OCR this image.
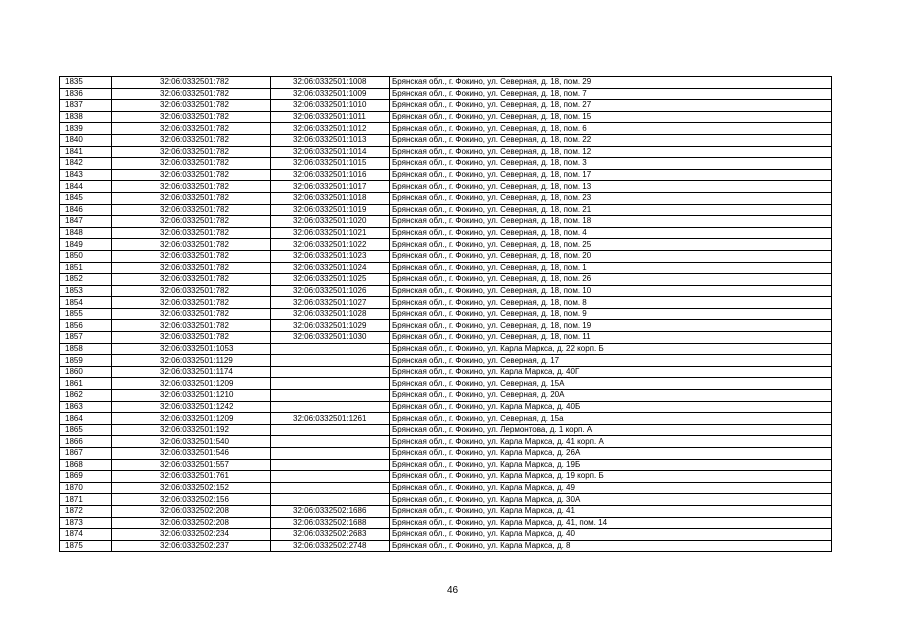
1835	32:06:0332501:782	32:06:0332501:1008	Брянская обл., г. Фокино, ул. Северная, д. 18, пом. 29
1836	32:06:0332501:782	32:06:0332501:1009	Брянская обл., г. Фокино, ул. Северная, д. 18, пом. 7
1837	32:06:0332501:782	32:06:0332501:1010	Брянская обл., г. Фокино, ул. Северная, д. 18, пом. 27
1838	32:06:0332501:782	32:06:0332501:1011	Брянская обл., г. Фокино, ул. Северная, д. 18, пом. 15
1839	32:06:0332501:782	32:06:0332501:1012	Брянская обл., г. Фокино, ул. Северная, д. 18, пом. 6
1840	32:06:0332501:782	32:06:0332501:1013	Брянская обл., г. Фокино, ул. Северная, д. 18, пом. 22
1841	32:06:0332501:782	32:06:0332501:1014	Брянская обл., г. Фокино, ул. Северная, д. 18, пом. 12
1842	32:06:0332501:782	32:06:0332501:1015	Брянская обл., г. Фокино, ул. Северная, д. 18, пом. 3
1843	32:06:0332501:782	32:06:0332501:1016	Брянская обл., г. Фокино, ул. Северная, д. 18, пом. 17
1844	32:06:0332501:782	32:06:0332501:1017	Брянская обл., г. Фокино, ул. Северная, д. 18, пом. 13
1845	32:06:0332501:782	32:06:0332501:1018	Брянская обл., г. Фокино, ул. Северная, д. 18, пом. 23
1846	32:06:0332501:782	32:06:0332501:1019	Брянская обл., г. Фокино, ул. Северная, д. 18, пом. 21
1847	32:06:0332501:782	32:06:0332501:1020	Брянская обл., г. Фокино, ул. Северная, д. 18, пом. 18
1848	32:06:0332501:782	32:06:0332501:1021	Брянская обл., г. Фокино, ул. Северная, д. 18, пом. 4
1849	32:06:0332501:782	32:06:0332501:1022	Брянская обл., г. Фокино, ул. Северная, д. 18, пом. 25
1850	32:06:0332501:782	32:06:0332501:1023	Брянская обл., г. Фокино, ул. Северная, д. 18, пом. 20
1851	32:06:0332501:782	32:06:0332501:1024	Брянская обл., г. Фокино, ул. Северная, д. 18, пом. 1
1852	32:06:0332501:782	32:06:0332501:1025	Брянская обл., г. Фокино, ул. Северная, д. 18, пом. 26
1853	32:06:0332501:782	32:06:0332501:1026	Брянская обл., г. Фокино, ул. Северная, д. 18, пом. 10
1854	32:06:0332501:782	32:06:0332501:1027	Брянская обл., г. Фокино, ул. Северная, д. 18, пом. 8
1855	32:06:0332501:782	32:06:0332501:1028	Брянская обл., г. Фокино, ул. Северная, д. 18, пом. 9
1856	32:06:0332501:782	32:06:0332501:1029	Брянская обл., г. Фокино, ул. Северная, д. 18, пом. 19
1857	32:06:0332501:782	32:06:0332501:1030	Брянская обл., г. Фокино, ул. Северная, д. 18, пом. 11
1858	32:06:0332501:1053		Брянская обл., г. Фокино, ул. Карла Маркса, д. 22 корп. Б
1859	32:06:0332501:1129		Брянская обл., г. Фокино, ул. Северная, д. 17
1860	32:06:0332501:1174		Брянская обл., г. Фокино, ул. Карла Маркса, д. 40Г
1861	32:06:0332501:1209		Брянская обл., г. Фокино, ул. Северная, д. 15А
1862	32:06:0332501:1210		Брянская обл., г. Фокино, ул. Северная, д. 20А
1863	32:06:0332501:1242		Брянская обл., г. Фокино, ул. Карла Маркса, д. 40Б
1864	32:06:0332501:1209	32:06:0332501:1261	Брянская обл., г. Фокино, ул. Северная, д. 15а
1865	32:06:0332501:192		Брянская обл., г. Фокино, ул. Лермонтова, д. 1 корп. А
1866	32:06:0332501:540		Брянская обл., г. Фокино, ул. Карла Маркса, д. 41 корп. А
1867	32:06:0332501:546		Брянская обл., г. Фокино, ул. Карла Маркса, д. 26А
1868	32:06:0332501:557		Брянская обл., г. Фокино, ул. Карла Маркса, д. 19Б
1869	32:06:0332501:761		Брянская обл., г. Фокино, ул. Карла Маркса, д. 19 корп. Б
1870	32:06:0332502:152		Брянская обл., г. Фокино, ул. Карла Маркса, д. 49
1871	32:06:0332502:156		Брянская обл., г. Фокино, ул. Карла Маркса, д. 30А
1872	32:06:0332502:208	32:06:0332502:1686	Брянская обл., г. Фокино, ул. Карла Маркса, д. 41
1873	32:06:0332502:208	32:06:0332502:1688	Брянская обл., г. Фокино, ул. Карла Маркса, д. 41, пом. 14
1874	32:06:0332502:234	32:06:0332502:2683	Брянская обл., г. Фокино, ул. Карла Маркса, д. 40
1875	32:06:0332502:237	32:06:0332502:2748	Брянская обл., г. Фокино, ул. Карла Маркса, д. 8
46
